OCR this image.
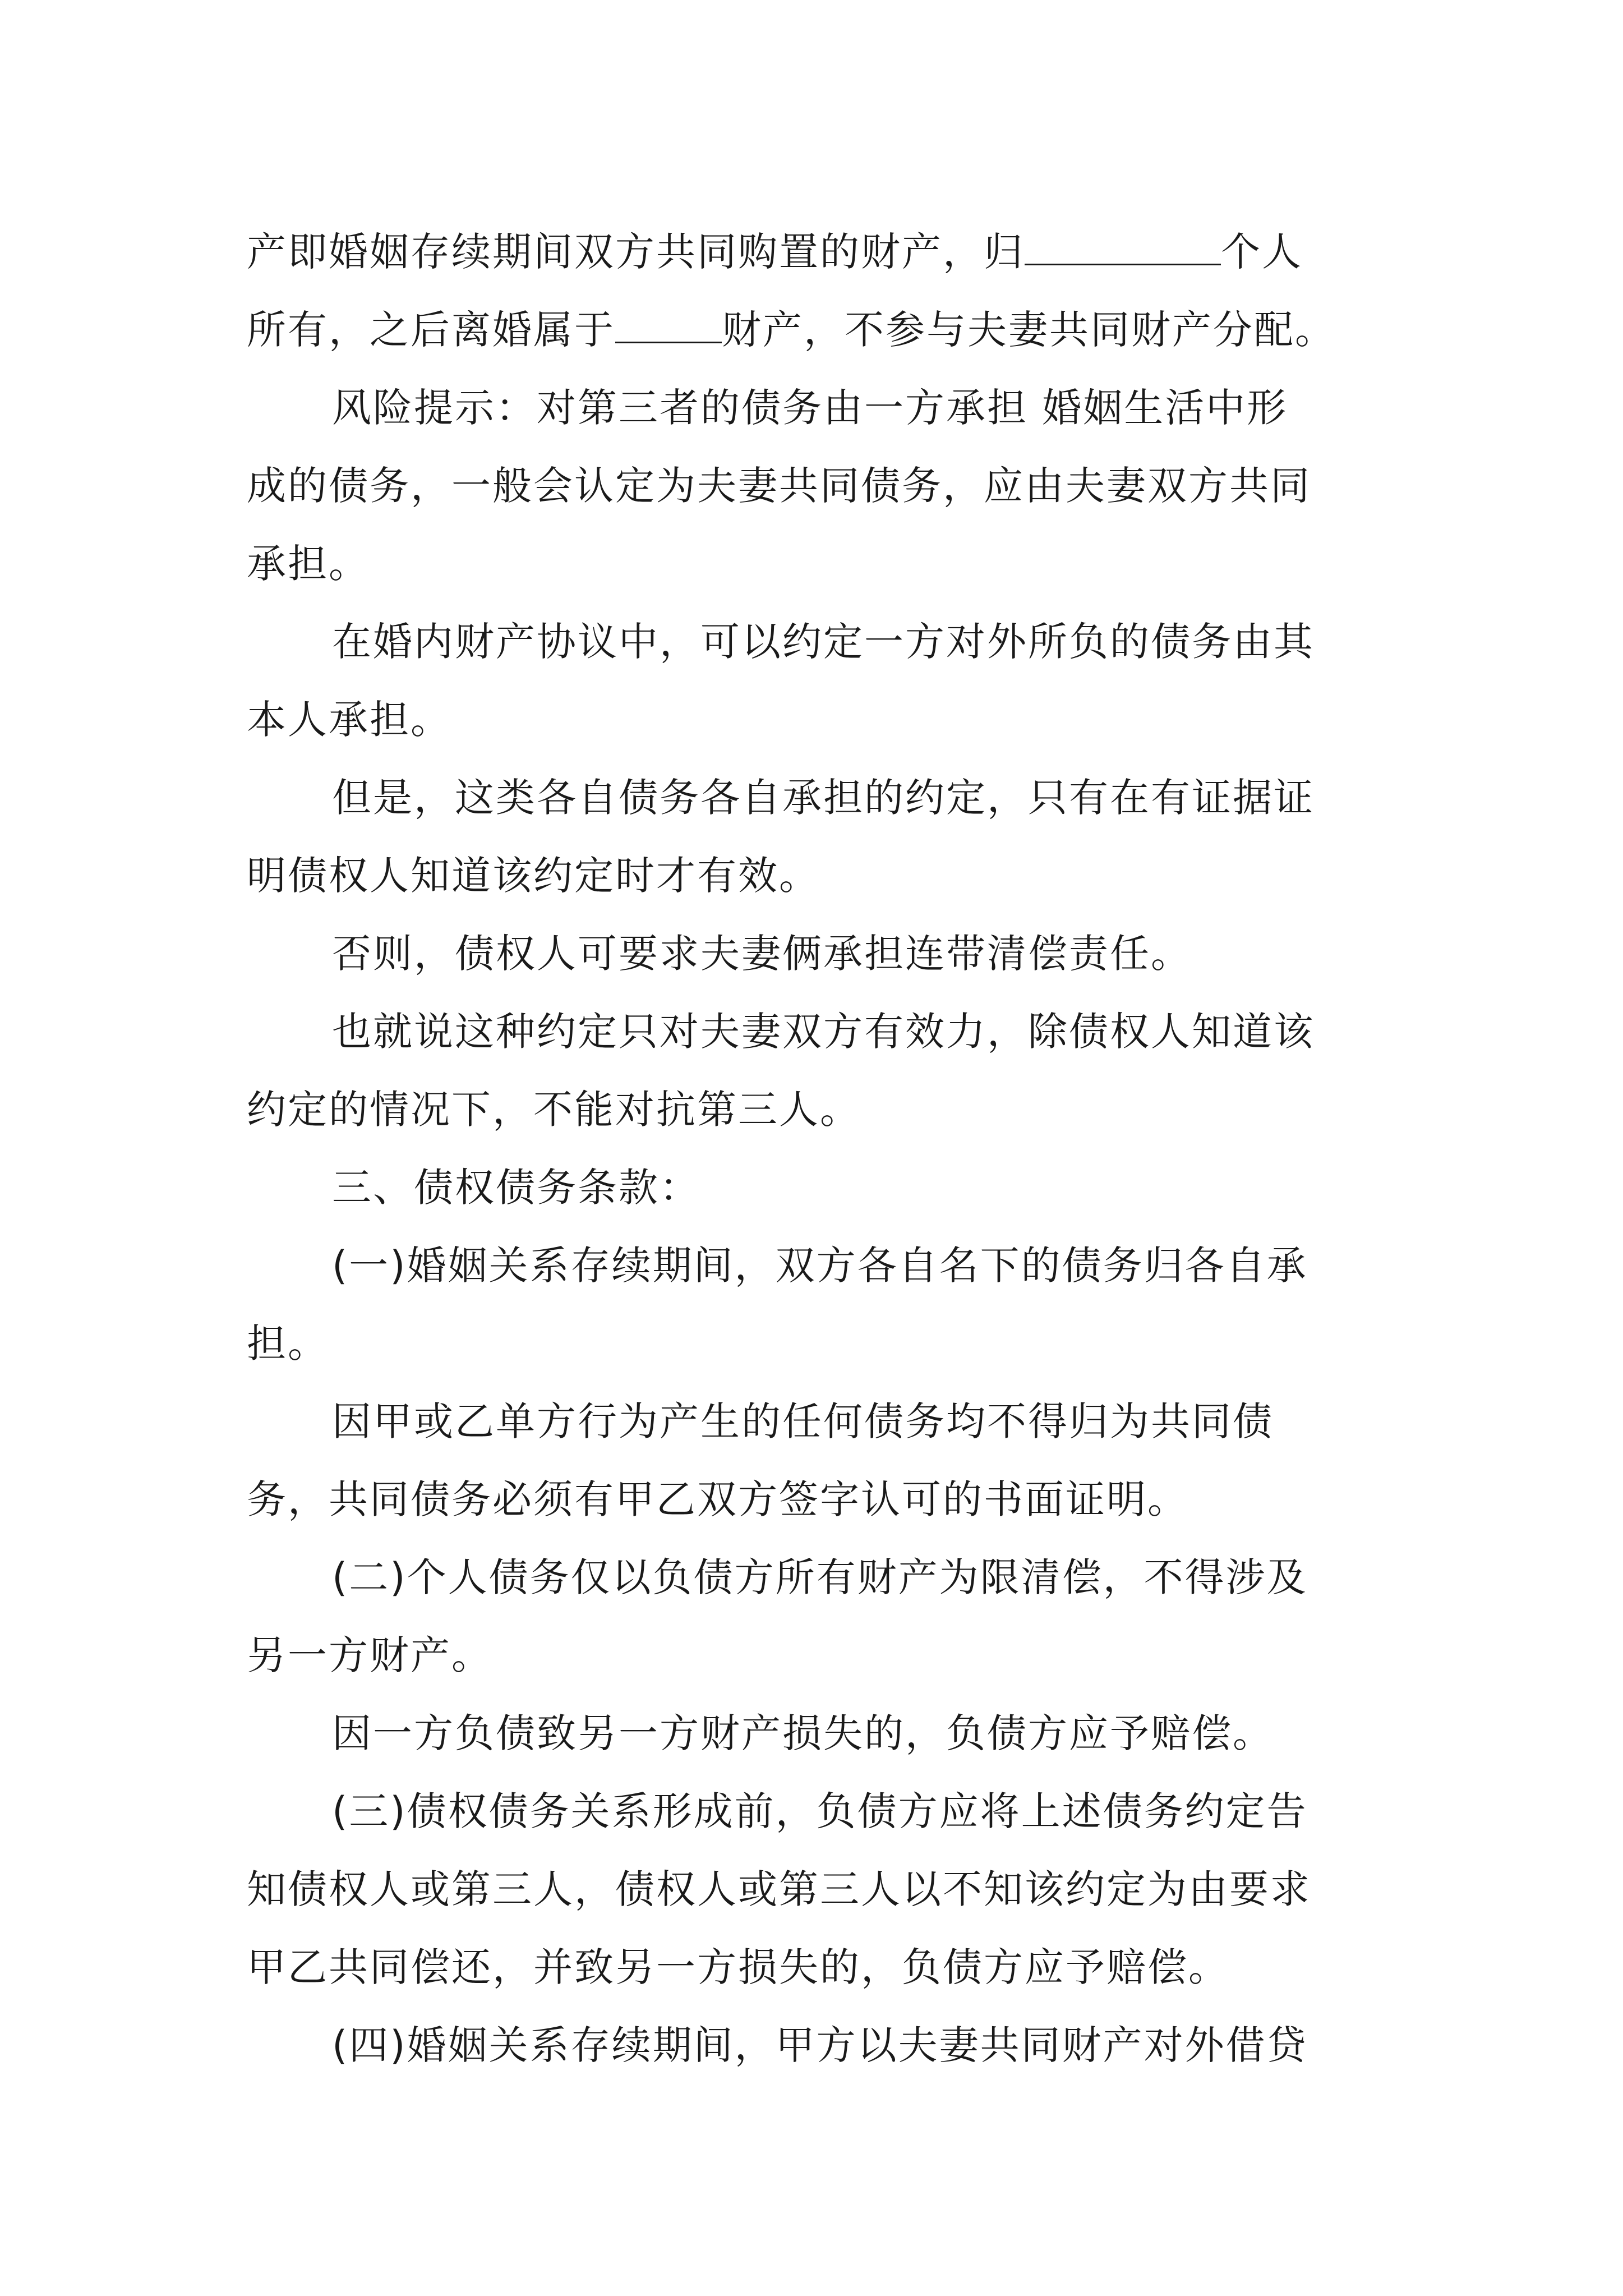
产即婚姻存续期间双方共同购置的财产，归	个人
所有，之后离婚属于	财产，不参与夫妻共同财产分配。
风险提示：对第三者的债务由一方承担 婚姻生活中形
成的债务，一般会认定为夫妻共同债务，应由夫妻双方共同
承担。
在婚内财产协议中，可以约定一方对外所负的债务由其
本人承担。
但是，这类各自债务各自承担的约定，只有在有证据证
明债权人知道该约定时才有效。
否则，债权人可要求夫妻俩承担连带清偿责任。
也就说这种约定只对夫妻双方有效力，除债权人知道该
约定的情况下，不能对抗第三人。
三、债权债务条款：
(一)婚姻关系存续期间，双方各自名下的债务归各自承
担。
因甲或乙单方行为产生的任何债务均不得归为共同债
务，共同债务必须有甲乙双方签字认可的书面证明。
(二)个人债务仅以负债方所有财产为限清偿，不得涉及
另一方财产。
因一方负债致另一方财产损失的，负债方应予赔偿。
(三)债权债务关系形成前，负债方应将上述债务约定告
知债权人或第三人，债权人或第三人以不知该约定为由要求
甲乙共同偿还，并致另一方损失的，负债方应予赔偿。
(四)婚姻关系存续期间，甲方以夫妻共同财产对外借贷
